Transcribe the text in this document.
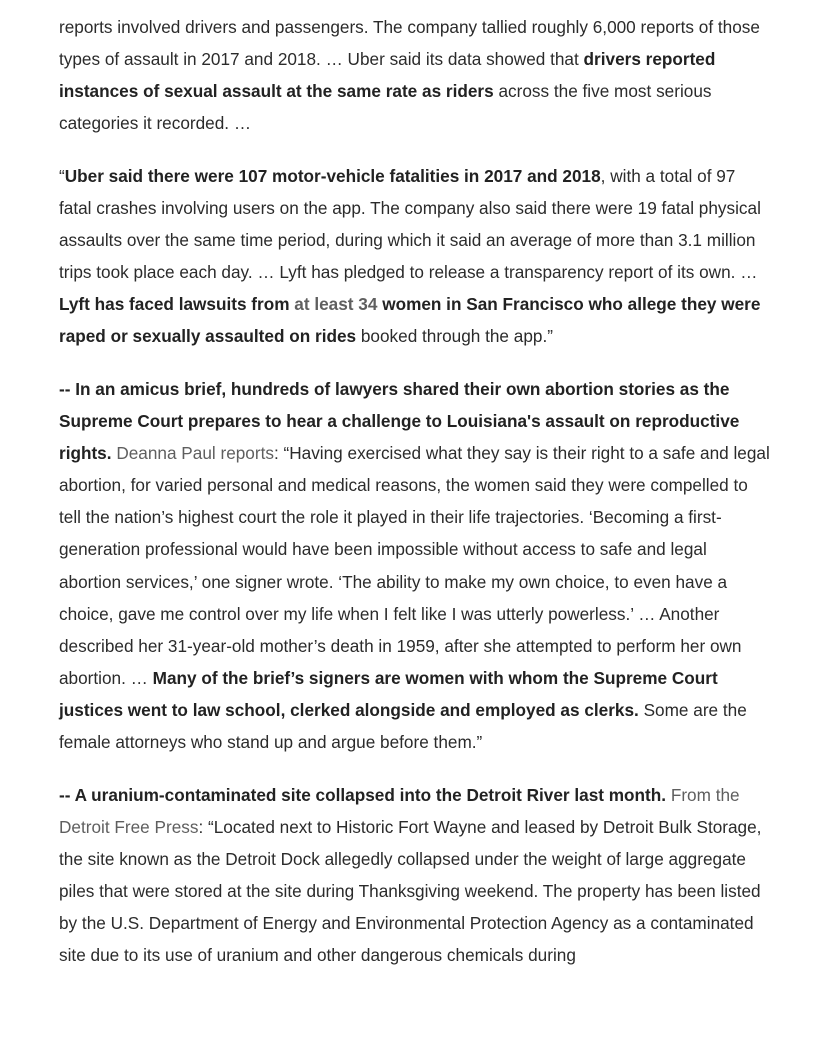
reports involved drivers and passengers. The company tallied roughly 6,000 reports of those types of assault in 2017 and 2018. … Uber said its data showed that drivers reported instances of sexual assault at the same rate as riders across the five most serious categories it recorded. …

“Uber said there were 107 motor-vehicle fatalities in 2017 and 2018, with a total of 97 fatal crashes involving users on the app. The company also said there were 19 fatal physical assaults over the same time period, during which it said an average of more than 3.1 million trips took place each day. … Lyft has pledged to release a transparency report of its own. … Lyft has faced lawsuits from at least 34 women in San Francisco who allege they were raped or sexually assaulted on rides booked through the app.”

-- In an amicus brief, hundreds of lawyers shared their own abortion stories as the Supreme Court prepares to hear a challenge to Louisiana's assault on reproductive rights. Deanna Paul reports: “Having exercised what they say is their right to a safe and legal abortion, for varied personal and medical reasons, the women said they were compelled to tell the nation’s highest court the role it played in their life trajectories. ‘Becoming a first-generation professional would have been impossible without access to safe and legal abortion services,’ one signer wrote. ‘The ability to make my own choice, to even have a choice, gave me control over my life when I felt like I was utterly powerless.’ … Another described her 31-year-old mother’s death in 1959, after she attempted to perform her own abortion. … Many of the brief’s signers are women with whom the Supreme Court justices went to law school, clerked alongside and employed as clerks. Some are the female attorneys who stand up and argue before them.”

-- A uranium-contaminated site collapsed into the Detroit River last month. From the Detroit Free Press: “Located next to Historic Fort Wayne and leased by Detroit Bulk Storage, the site known as the Detroit Dock allegedly collapsed under the weight of large aggregate piles that were stored at the site during Thanksgiving weekend. The property has been listed by the U.S. Department of Energy and Environmental Protection Agency as a contaminated site due to its use of uranium and other dangerous chemicals during
